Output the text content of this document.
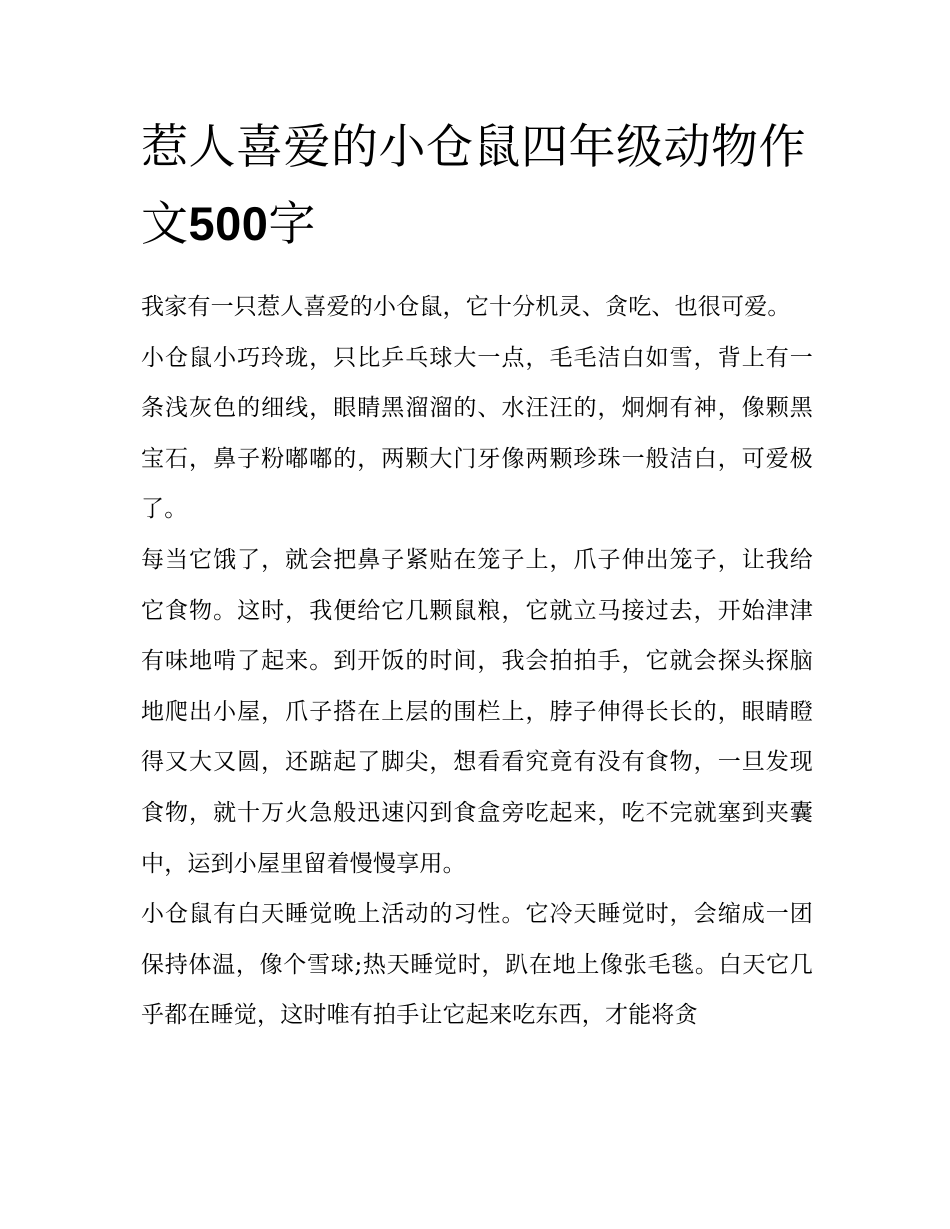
惹人喜爱的小仓鼠四年级动物作文500字

我家有一只惹人喜爱的小仓鼠，它十分机灵、贪吃、也很可爱。

小仓鼠小巧玲珑，只比乒乓球大一点，毛毛洁白如雪，背上有一条浅灰色的细线，眼睛黑溜溜的、水汪汪的，炯炯有神，像颗黑宝石，鼻子粉嘟嘟的，两颗大门牙像两颗珍珠一般洁白，可爱极了。

每当它饿了，就会把鼻子紧贴在笼子上，爪子伸出笼子，让我给它食物。这时，我便给它几颗鼠粮，它就立马接过去，开始津津有味地啃了起来。到开饭的时间，我会拍拍手，它就会探头探脑地爬出小屋，爪子搭在上层的围栏上，脖子伸得长长的，眼睛瞪得又大又圆，还踮起了脚尖，想看看究竟有没有食物，一旦发现食物，就十万火急般迅速闪到食盒旁吃起来，吃不完就塞到夹囊中，运到小屋里留着慢慢享用。

小仓鼠有白天睡觉晚上活动的习性。它冷天睡觉时，会缩成一团保持体温，像个雪球;热天睡觉时，趴在地上像张毛毯。白天它几乎都在睡觉，这时唯有拍手让它起来吃东西，才能将贪
